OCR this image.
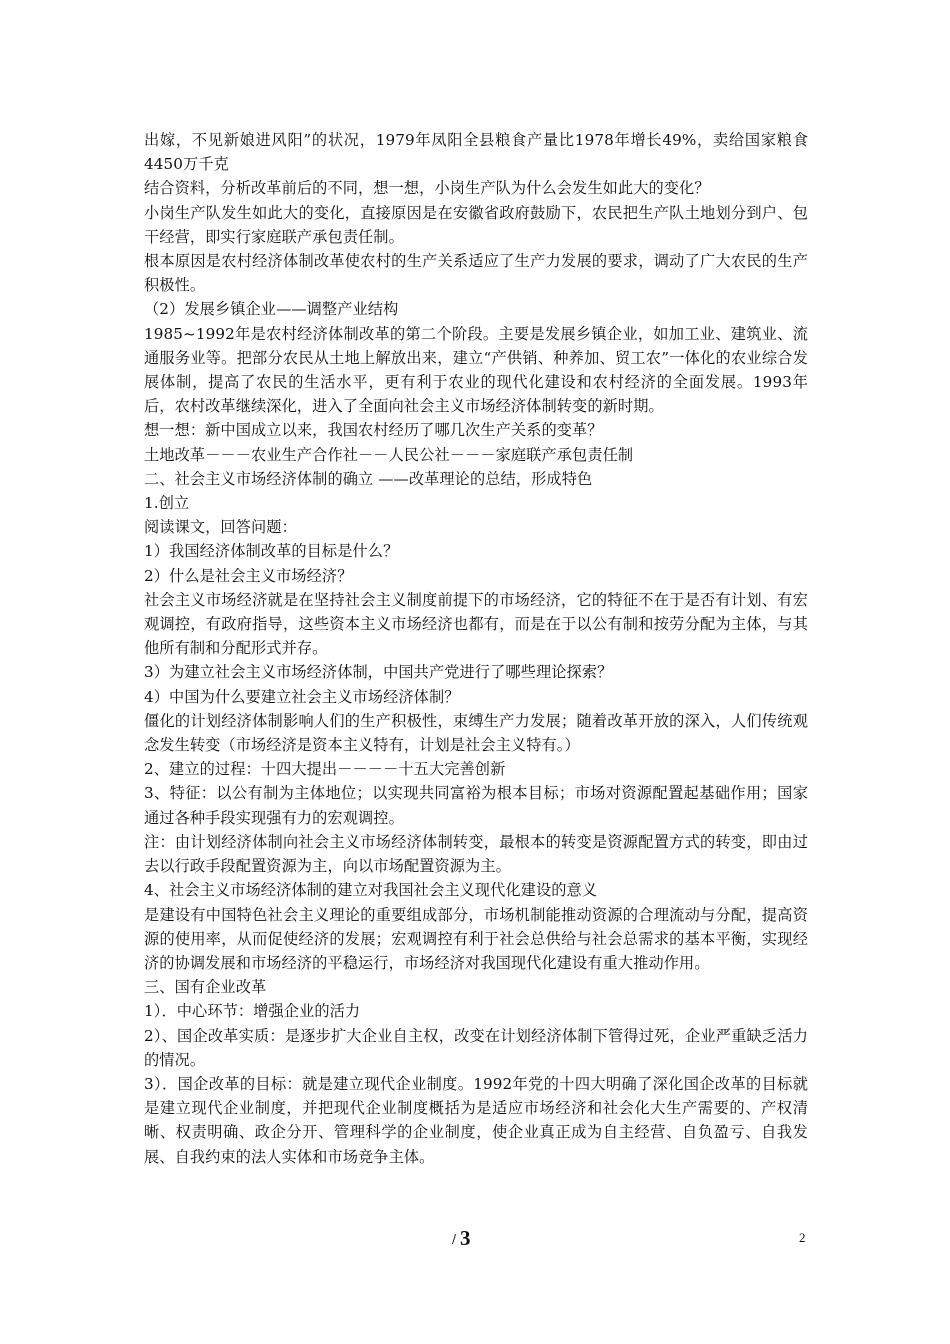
出嫁，不见新娘进风阳”的状况，1979年凤阳全县粮食产量比1978年增长49%，卖给国家粮食4450万千克

结合资料，分析改革前后的不同，想一想，小岗生产队为什么会发生如此大的变化？

小岗生产队发生如此大的变化，直接原因是在安徽省政府鼓励下，农民把生产队土地划分到户、包干经营，即实行家庭联产承包责任制。

根本原因是农村经济体制改革使农村的生产关系适应了生产力发展的要求，调动了广大农民的生产积极性。

（2）发展乡镇企业——调整产业结构

1985~1992年是农村经济体制改革的第二个阶段。主要是发展乡镇企业，如加工业、建筑业、流通服务业等。把部分农民从土地上解放出来，建立“产供销、种养加、贸工农”一体化的农业综合发展体制，提高了农民的生活水平，更有利于农业的现代化建设和农村经济的全面发展。1993年后，农村改革继续深化，进入了全面向社会主义市场经济体制转变的新时期。

想一想：新中国成立以来，我国农村经历了哪几次生产关系的变革？

土地改革－－－农业生产合作社－－人民公社－－－家庭联产承包责任制

二、社会主义市场经济体制的确立 ——改革理论的总结，形成特色

1.创立

阅读课文，回答问题：

1）我国经济体制改革的目标是什么？

2）什么是社会主义市场经济？

社会主义市场经济就是在坚持社会主义制度前提下的市场经济，它的特征不在于是否有计划、有宏观调控，有政府指导，这些资本主义市场经济也都有，而是在于以公有制和按劳分配为主体，与其他所有制和分配形式并存。

3）为建立社会主义市场经济体制，中国共产党进行了哪些理论探索？

4）中国为什么要建立社会主义市场经济体制？

僵化的计划经济体制影响人们的生产积极性，束缚生产力发展；随着改革开放的深入，人们传统观念发生转变（市场经济是资本主义特有，计划是社会主义特有。）

2、建立的过程：十四大提出－－－－十五大完善创新

3、特征：以公有制为主体地位；以实现共同富裕为根本目标；市场对资源配置起基础作用；国家通过各种手段实现强有力的宏观调控。

注：由计划经济体制向社会主义市场经济体制转变，最根本的转变是资源配置方式的转变，即由过去以行政手段配置资源为主，向以市场配置资源为主。

4、社会主义市场经济体制的建立对我国社会主义现代化建设的意义

是建设有中国特色社会主义理论的重要组成部分，市场机制能推动资源的合理流动与分配，提高资源的使用率，从而促使经济的发展；宏观调控有利于社会总供给与社会总需求的基本平衡，实现经济的协调发展和市场经济的平稳运行，市场经济对我国现代化建设有重大推动作用。

三、国有企业改革

1）．中心环节：增强企业的活力

2）、国企改革实质：是逐步扩大企业自主权，改变在计划经济体制下管得过死，企业严重缺乏活力的情况。

3）．国企改革的目标：就是建立现代企业制度。1992年党的十四大明确了深化国企改革的目标就是建立现代企业制度，并把现代企业制度概括为是适应市场经济和社会化大生产需要的、产权清晰、权责明确、政企分开、管理科学的企业制度，使企业真正成为自主经营、自负盈亏、自我发展、自我约束的法人实体和市场竞争主体。

/ 3	2
